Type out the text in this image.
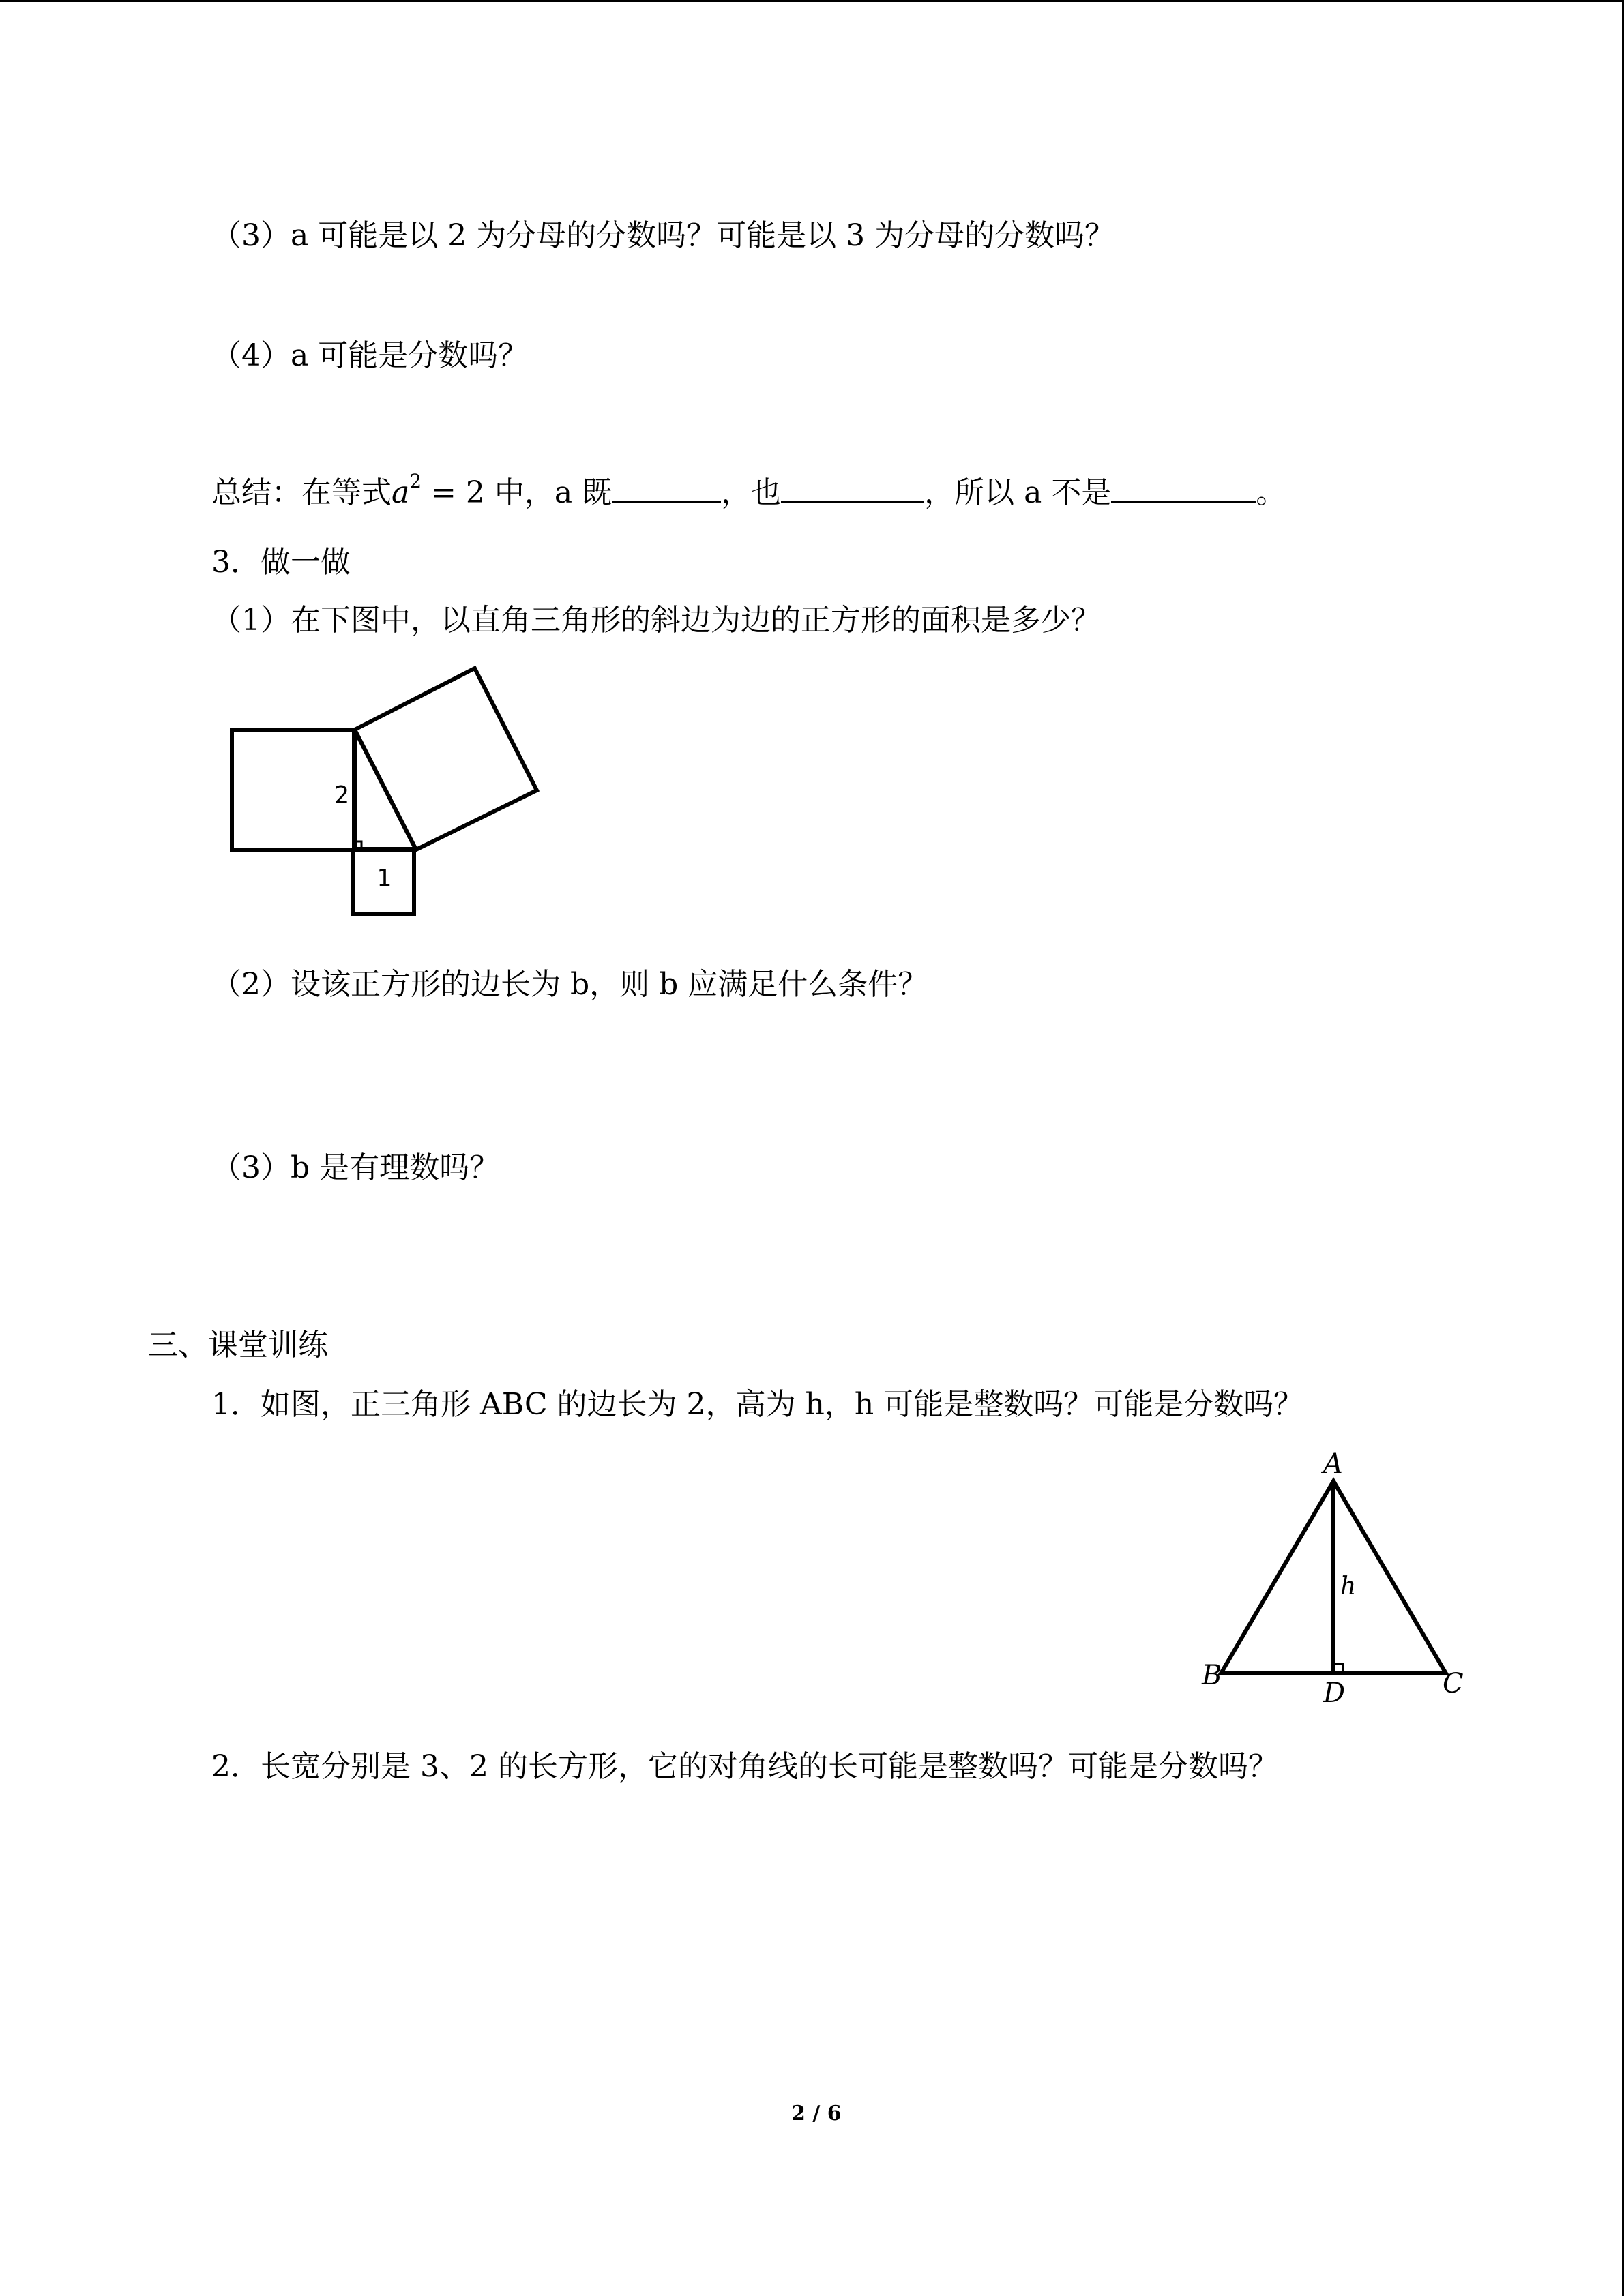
（3）a 可能是以 2 为分母的分数吗？可能是以 3 为分母的分数吗？
（4）a 可能是分数吗？
总结：在等式$a^2 = 2$ 中，a 既	，也	，所以 a 不是	。
3．做一做
（1）在下图中，以直角三角形的斜边为边的正方形的面积是多少？
2
1
（2）设该正方形的边长为 b，则 b 应满足什么条件？
（3）b 是有理数吗？
三、课堂训练
1．如图，正三角形 ABC 的边长为 2，高为 h，h 可能是整数吗？可能是分数吗？
A
B	C
D
h
2．长宽分别是 3、2 的长方形，它的对角线的长可能是整数吗？可能是分数吗？
2 / 6
